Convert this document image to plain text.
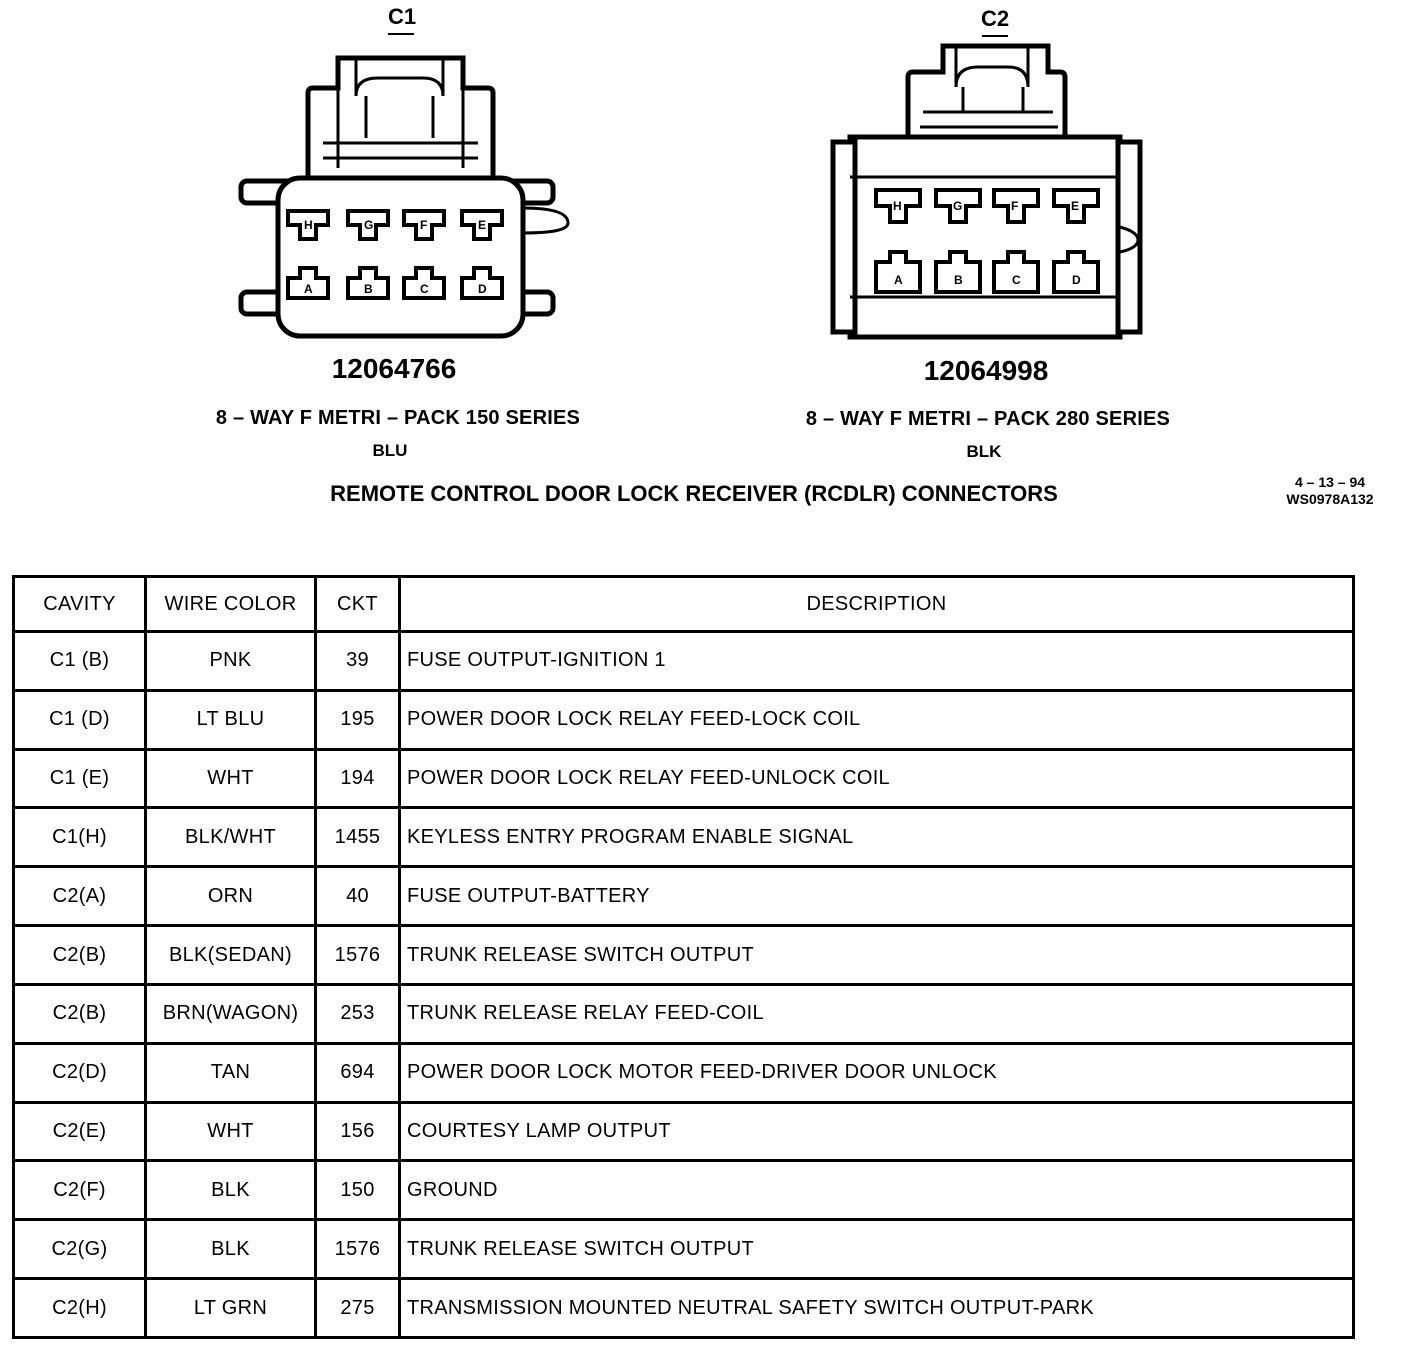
C1
H	G	F	E
A	B	C	D
12064766
8 – WAY F METRI – PACK 150 SERIES
BLU
C2
H	G	F	E
A	B	C	D
12064998
8 – WAY F METRI – PACK 280 SERIES
BLK
REMOTE CONTROL DOOR LOCK RECEIVER (RCDLR) CONNECTORS	4 – 13 – 94
WS0978A132
CAVITY	WIRE COLOR	CKT	DESCRIPTION
C1 (B)	PNK	39	FUSE OUTPUT-IGNITION 1
C1 (D)	LT BLU	195	POWER DOOR LOCK RELAY FEED-LOCK COIL
C1 (E)	WHT	194	POWER DOOR LOCK RELAY FEED-UNLOCK COIL
C1(H)	BLK/WHT	1455	KEYLESS ENTRY PROGRAM ENABLE SIGNAL
C2(A)	ORN	40	FUSE OUTPUT-BATTERY
C2(B)	BLK(SEDAN)	1576	TRUNK RELEASE SWITCH OUTPUT
C2(B)	BRN(WAGON)	253	TRUNK RELEASE RELAY FEED-COIL
C2(D)	TAN	694	POWER DOOR LOCK MOTOR FEED-DRIVER DOOR UNLOCK
C2(E)	WHT	156	COURTESY LAMP OUTPUT
C2(F)	BLK	150	GROUND
C2(G)	BLK	1576	TRUNK RELEASE SWITCH OUTPUT
C2(H)	LT GRN	275	TRANSMISSION MOUNTED NEUTRAL SAFETY SWITCH OUTPUT-PARK
